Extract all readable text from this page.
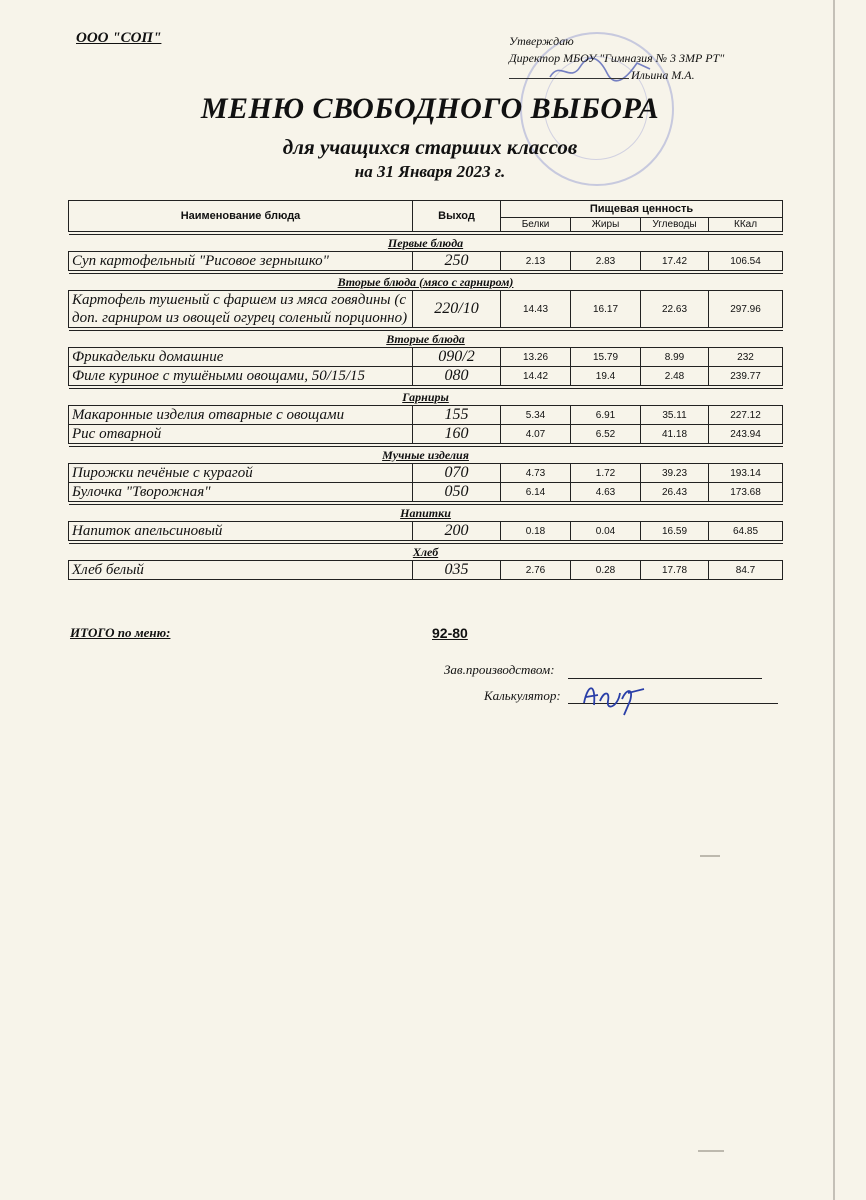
ООО "СОП"	Утверждаю
Директор МБОУ "Гимназия № 3 ЗМР РТ"
Ильина М.А.
МЕНЮ СВОБОДНОГО ВЫБОРА
для учащихся старших классов
на 31 Января 2023 г.
Наименование блюда	Выход	Пищевая ценность			
		Белки	Жиры	Углеводы	ККал

Первые блюда					
Суп картофельный "Рисовое зернышко"	250	2.13	2.83	17.42	106.54

Вторые блюда (мясо с гарниром)					
Картофель тушеный с фаршем из мяса говядины (с доп. гарниром из овощей огурец соленый порционно)	220/10	14.43	16.17	22.63	297.96

Вторые блюда					
Фрикадельки домашние	090/2	13.26	15.79	8.99	232
Филе куриное с тушёными овощами, 50/15/15	080	14.42	19.4	2.48	239.77

Гарниры					
Макаронные изделия отварные с овощами	155	5.34	6.91	35.11	227.12
Рис отварной	160	4.07	6.52	41.18	243.94

Мучные изделия					
Пирожки печёные с курагой	070	4.73	1.72	39.23	193.14
Булочка "Творожная"	050	6.14	4.63	26.43	173.68

Напитки					
Напиток апельсиновый	200	0.18	0.04	16.59	64.85

Хлеб					
Хлеб белый	035	2.76	0.28	17.78	84.7
ИТОГО по меню:	92-80
Зав.производством:
Калькулятор:
